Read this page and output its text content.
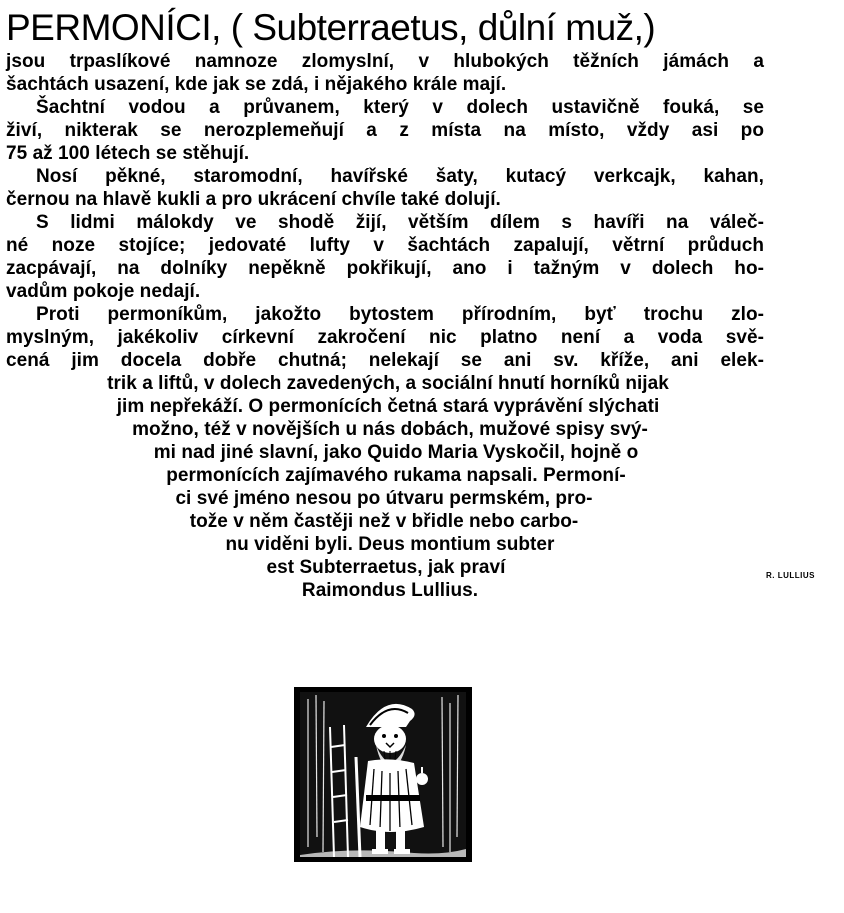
PERMONÍCI, ( Subterraetus, důlní muž,)
jsou trpaslíkové namnoze zlomyslní, v hlubokých těžních jámách a
šachtách usazení, kde jak se zdá, i nějakého krále mají.
Šachtní vodou a průvanem, který v dolech ustavičně fouká, se
živí, nikterak se nerozplemeňují a z místa na místo, vždy asi po
75 až 100 létech se stěhují.
Nosí pěkné, staromodní, havířské šaty, kutacý verkcajk, kahan,
černou na hlavě kukli a pro ukrácení chvíle také dolují.
S lidmi málokdy ve shodě žijí, větším dílem s havíři na váleč-
né noze stojíce; jedovaté lufty v šachtách zapalují, větrní průduch
zacpávají, na dolníky nepěkně pokřikují, ano i tažným v dolech ho-
vadům pokoje nedají.
Proti permoníkům, jakožto bytostem přírodním, byť trochu zlo-
myslným, jakékoliv církevní zakročení nic platno není a voda svě-
cená jim docela dobře chutná; nelekají se ani sv. kříže, ani elek-
trik a liftů, v dolech zavedených, a sociální hnutí horníků nijak
jim nepřekáží. O permonících četná stará vyprávění slýchati
možno, též v novějších u nás dobách, mužové spisy svý-
mi nad jiné slavní, jako Quido Maria Vyskočil, hojně o
permonících zajímavého rukama napsali. Permoní-
ci své jméno nesou po útvaru permském, pro-
tože v něm častěji než v břidle nebo carbo-
nu viděni byli. Deus montium subter
est Subterraetus, jak praví
Raimondus Lullius.
R. LULLIUS
